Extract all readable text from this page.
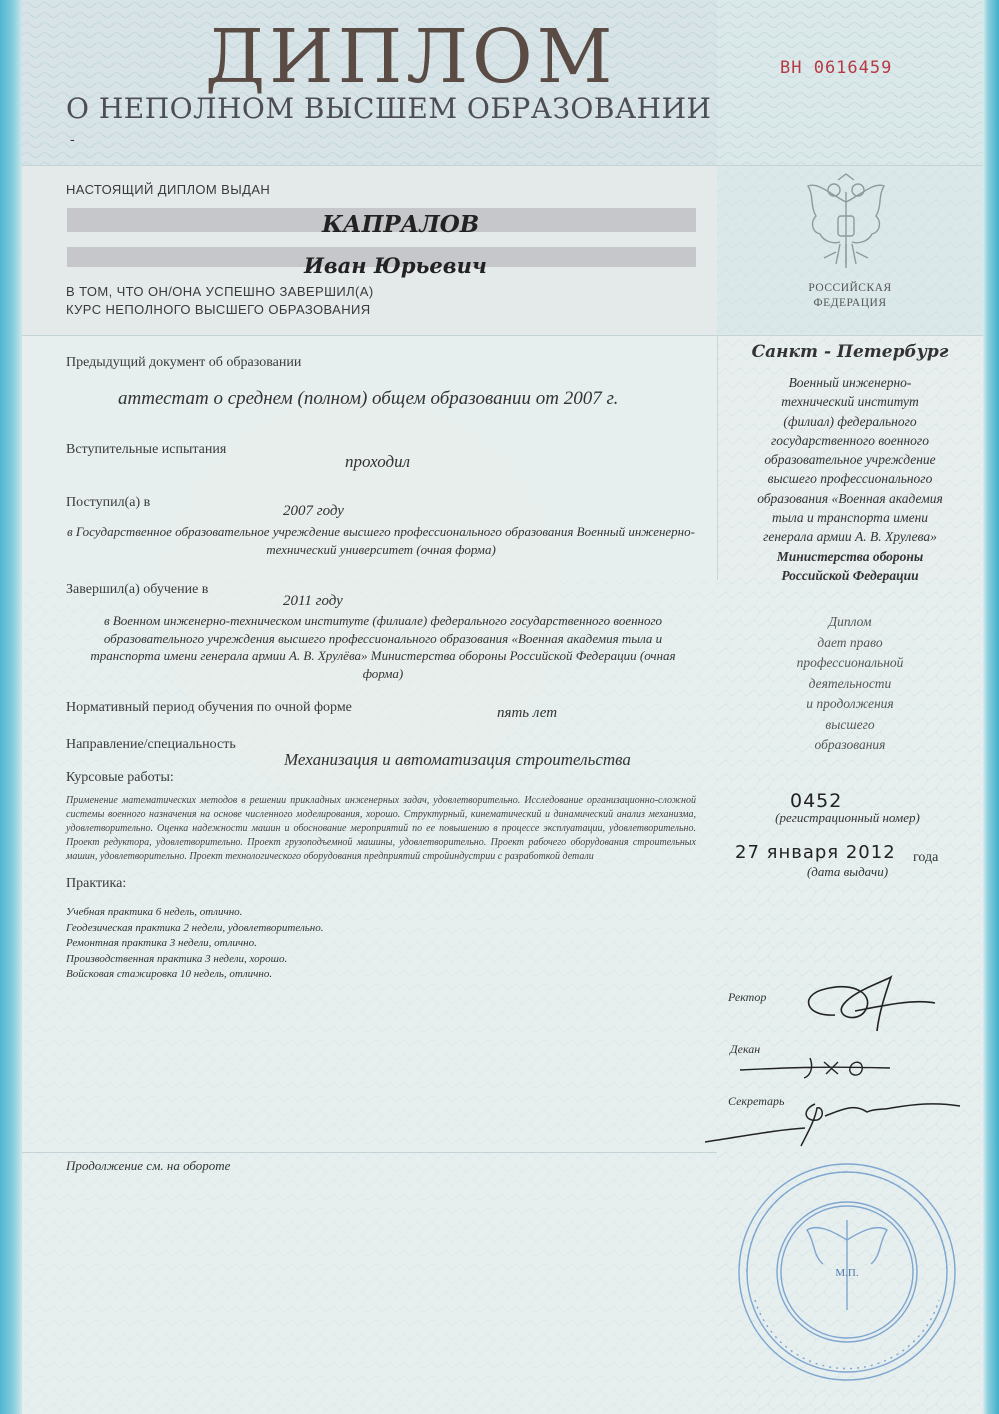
ДИПЛОМ

О НЕПОЛНОМ ВЫСШЕМ ОБРАЗОВАНИИ

ВН 0616459

-

НАСТОЯЩИЙ ДИПЛОМ ВЫДАН

КАПРАЛОВ

Иван Юрьевич

В ТОМ, ЧТО ОН/ОНА УСПЕШНО ЗАВЕРШИЛ(А)

КУРС НЕПОЛНОГО ВЫСШЕГО ОБРАЗОВАНИЯ

РОССИЙСКАЯ
ФЕДЕРАЦИЯ

Предыдущий документ об образовании

аттестат о среднем (полном) общем образовании от 2007 г.

Вступительные испытания

проходил

Поступил(а) в

2007 году

в Государственное образовательное учреждение высшего профессионального образования Военный инженерно-технический университет (очная форма)

Завершил(а) обучение в

2011 году

в Военном инженерно-техническом институте (филиале) федерального государственного военного образовательного учреждения высшего профессионального образования «Военная академия тыла и транспорта имени генерала армии А. В. Хрулёва» Министерства обороны Российской Федерации (очная форма)

Нормативный период обучения по очной форме	пять лет

Направление/специальность

Механизация и автоматизация строительства

Курсовые работы:

Применение математических методов в решении прикладных инженерных задач, удовлетворительно. Исследование организационно-сложной системы военного назначения на основе численного моделирования, хорошо. Структурный, кинематический и динамический анализ механизма, удовлетворительно. Оценка надежности машин и обоснование мероприятий по ее повышению в процессе эксплуатации, удовлетворительно. Проект редуктора, удовлетворительно. Проект грузоподъемной машины, удовлетворительно. Проект рабочего оборудования строительных машин, удовлетворительно. Проект технологического оборудования предприятий стройиндустрии с разработкой детали

Практика:

Учебная практика 6 недель, отлично.
Геодезическая практика 2 недели, удовлетворительно.
Ремонтная практика 3 недели, отлично.
Производственная практика 3 недели, хорошо.
Войсковая стажировка 10 недель, отлично.

Продолжение см. на обороте

Санкт - Петербург

Военный инженерно-
технический институт
(филиал) федерального
государственного военного
образовательное учреждение
высшего профессионального
образования «Военная академия
тыла и транспорта имени
генерала армии А. В. Хрулева»
Министерства обороны
Российской Федерации
Диплом
дает право
профессиональной
деятельности
и продолжения
высшего
образования

0452

(регистрационный номер)

27 января 2012 года

(дата выдачи)

Ректор

Декан

Секретарь

М.П.
